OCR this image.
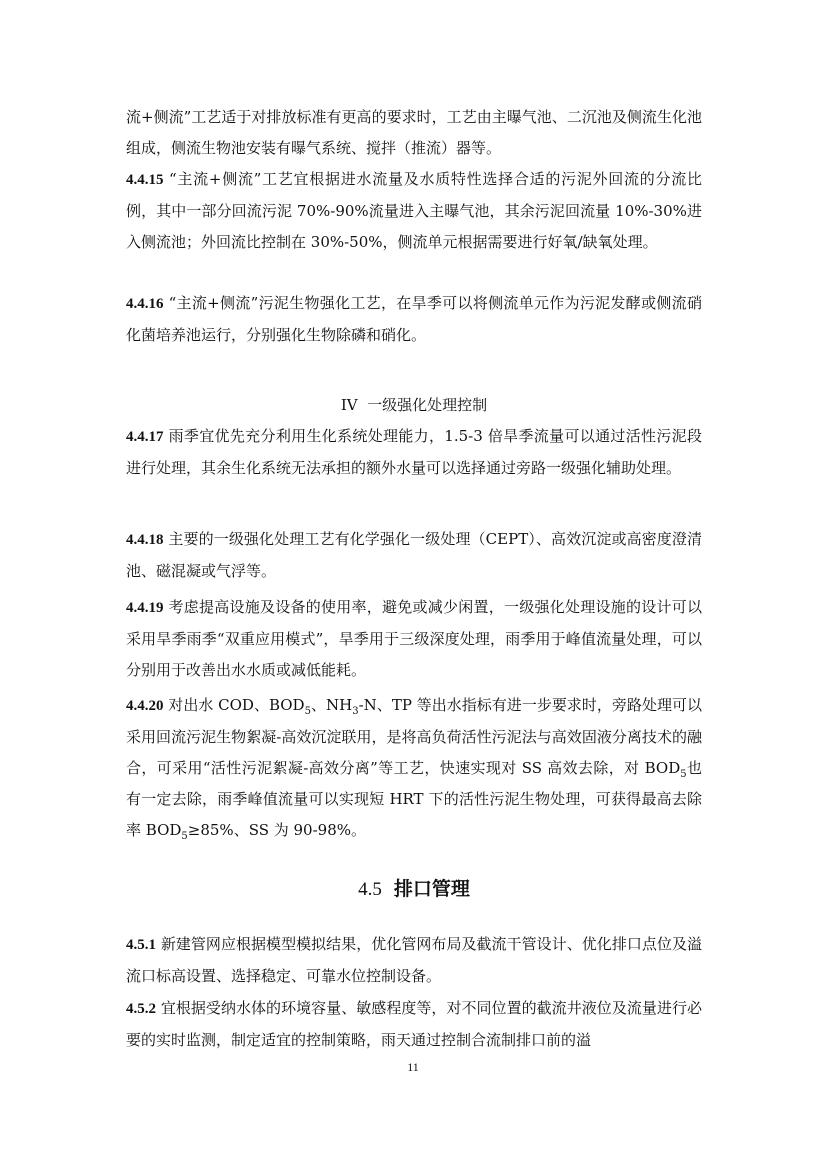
流+侧流”工艺适于对排放标准有更高的要求时，工艺由主曝气池、二沉池及侧流生化池组成，侧流生物池安装有曝气系统、搅拌（推流）器等。

4.4.15 “主流+侧流”工艺宜根据进水流量及水质特性选择合适的污泥外回流的分流比例，其中一部分回流污泥 70%-90%流量进入主曝气池，其余污泥回流量 10%-30%进入侧流池；外回流比控制在 30%-50%，侧流单元根据需要进行好氧/缺氧处理。

4.4.16 “主流+侧流”污泥生物强化工艺，在旱季可以将侧流单元作为污泥发酵或侧流硝化菌培养池运行，分别强化生物除磷和硝化。

IV 一级强化处理控制

4.4.17 雨季宜优先充分利用生化系统处理能力，1.5-3 倍旱季流量可以通过活性污泥段进行处理，其余生化系统无法承担的额外水量可以选择通过旁路一级强化辅助处理。

4.4.18 主要的一级强化处理工艺有化学强化一级处理（CEPT）、高效沉淀或高密度澄清池、磁混凝或气浮等。

4.4.19 考虑提高设施及设备的使用率，避免或减少闲置，一级强化处理设施的设计可以采用旱季雨季“双重应用模式”，旱季用于三级深度处理，雨季用于峰值流量处理，可以分别用于改善出水水质或减低能耗。

4.4.20 对出水 COD、$BOD_5$、$NH_3-N$、TP 等出水指标有进一步要求时，旁路处理可以采用回流污泥生物絮凝-高效沉淀联用，是将高负荷活性污泥法与高效固液分离技术的融合，可采用“活性污泥絮凝-高效分离”等工艺，快速实现对 SS 高效去除，对 $BOD_5$也有一定去除，雨季峰值流量可以实现短 HRT 下的活性污泥生物处理，可获得最高去除率 $BOD_5\ge 85\%$、SS 为 90-98%。

4.5 排口管理

4.5.1 新建管网应根据模型模拟结果，优化管网布局及截流干管设计、优化排口点位及溢流口标高设置、选择稳定、可靠水位控制设备。

4.5.2 宜根据受纳水体的环境容量、敏感程度等，对不同位置的截流井液位及流量进行必要的实时监测，制定适宜的控制策略，雨天通过控制合流制排口前的溢

11
